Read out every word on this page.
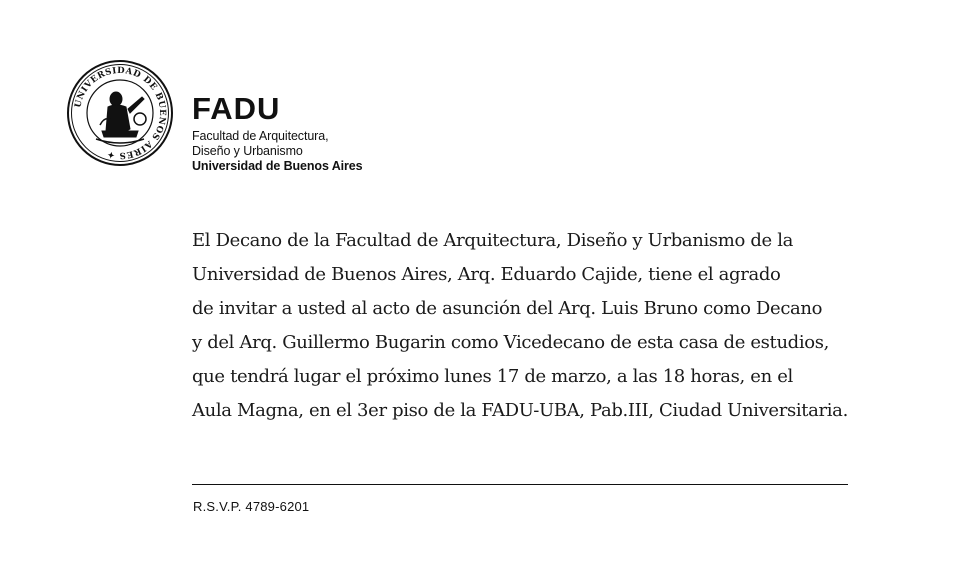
UNIVERSIDAD DE BUENOS AIRES ✦
FADU
Facultad de Arquitectura,
Diseño y Urbanismo
Universidad de Buenos Aires
El Decano de la Facultad de Arquitectura, Diseño y Urbanismo de la
Universidad de Buenos Aires, Arq. Eduardo Cajide, tiene el agrado
de invitar a usted al acto de asunción del Arq. Luis Bruno como Decano
y del Arq. Guillermo Bugarin como Vicedecano de esta casa de estudios,
que tendrá lugar el próximo lunes 17 de marzo, a las 18 horas, en el
Aula Magna, en el 3er piso de la FADU-UBA, Pab.III, Ciudad Universitaria.
R.S.V.P. 4789-6201
